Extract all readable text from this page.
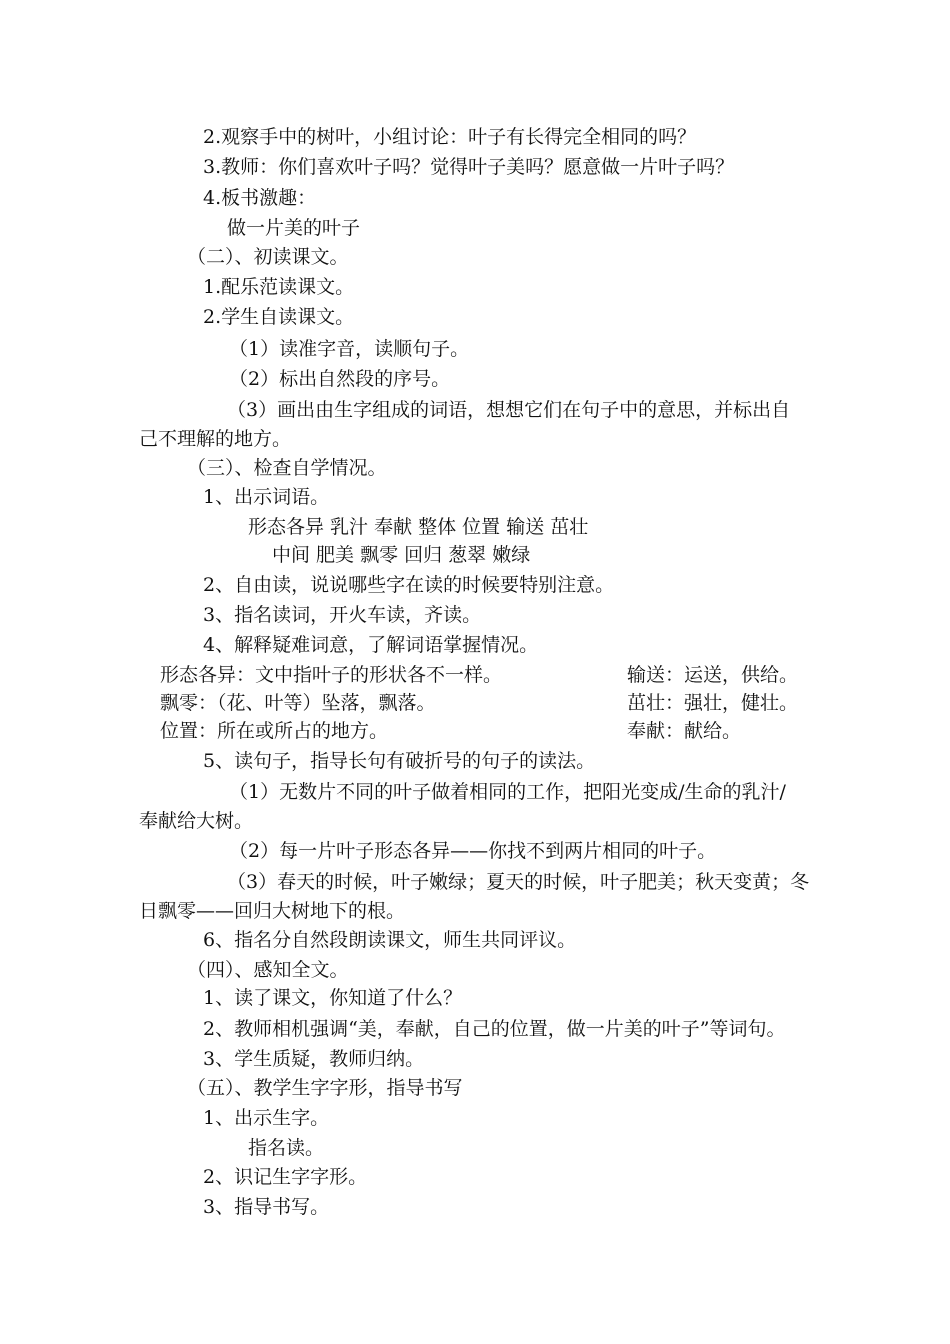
2.观察手中的树叶，小组讨论：叶子有长得完全相同的吗？
3.教师：你们喜欢叶子吗？觉得叶子美吗？愿意做一片叶子吗？
4.板书激趣：
做一片美的叶子
（二）、初读课文。
1.配乐范读课文。
2.学生自读课文。
（1）读准字音，读顺句子。
（2）标出自然段的序号。
（3）画出由生字组成的词语，想想它们在句子中的意思，并标出自
己不理解的地方。
（三）、检查自学情况。
1、出示词语。
形态各异 乳汁 奉献 整体 位置 输送 茁壮
中间 肥美 飘零 回归 葱翠 嫩绿
2、自由读，说说哪些字在读的时候要特别注意。
3、指名读词，开火车读，齐读。
4、解释疑难词意，了解词语掌握情况。
形态各异：文中指叶子的形状各不一样。	输送：运送，供给。
飘零：（花、叶等）坠落，飘落。	茁壮：强壮，健壮。
位置：所在或所占的地方。	奉献：献给。
5、读句子，指导长句有破折号的句子的读法。
（1）无数片不同的叶子做着相同的工作，把阳光变成/生命的乳汁/
奉献给大树。
（2）每一片叶子形态各异——你找不到两片相同的叶子。
（3）春天的时候，叶子嫩绿；夏天的时候，叶子肥美；秋天变黄；冬
日飘零——回归大树地下的根。
6、指名分自然段朗读课文，师生共同评议。
（四）、感知全文。
1、读了课文，你知道了什么？
2、教师相机强调“美，奉献，自己的位置，做一片美的叶子”等词句。
3、学生质疑，教师归纳。
（五）、教学生字字形，指导书写
1、出示生字。
指名读。
2、识记生字字形。
3、指导书写。
